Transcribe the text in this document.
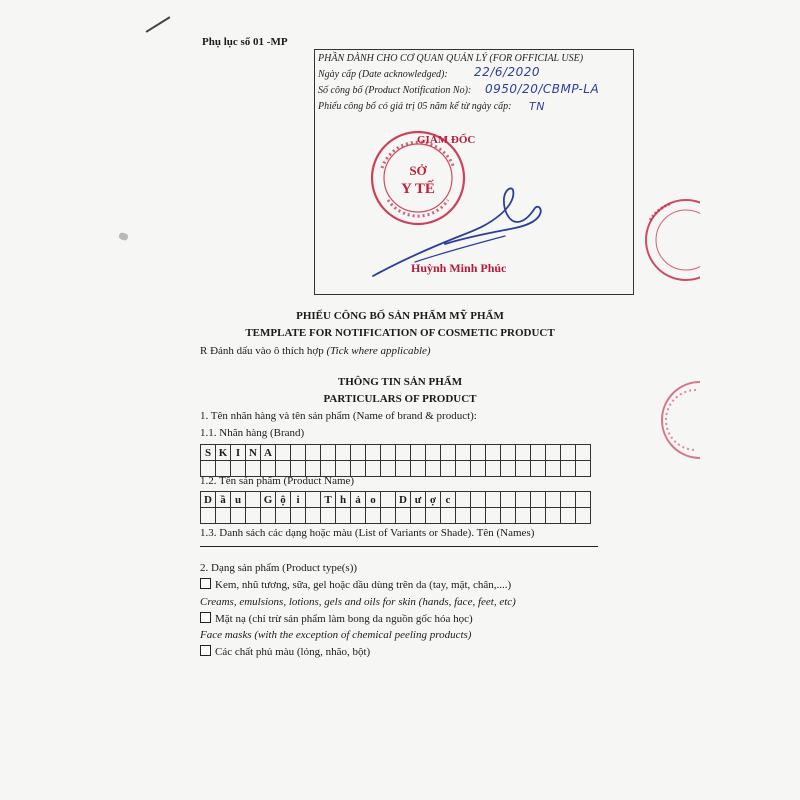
Phụ lục số 01 -MP
PHẦN DÀNH CHO CƠ QUAN QUẢN LÝ (FOR OFFICIAL USE)
Ngày cấp (Date acknowledged): 22/6/2020
Số công bố (Product Notification No): 0950/20/CBMP-LA
Phiếu công bố có giá trị 05 năm kể từ ngày cấp: TN
GIÁM ĐỐC
SỞ
Y TẾ
Huỳnh Minh Phúc
PHIẾU CÔNG BỐ SẢN PHẨM MỸ PHẨM
TEMPLATE FOR NOTIFICATION OF COSMETIC PRODUCT
R Đánh dấu vào ô thích hợp (Tick where applicable)
THÔNG TIN SẢN PHẨM
PARTICULARS OF PRODUCT
1. Tên nhãn hàng và tên sản phẩm (Name of brand & product):
1.1. Nhãn hàng (Brand)
S K I N A
1.2. Tên sản phẩm (Product Name)
D ầ u	G ộ i	T h ả o	D ư ợ c
1.3. Danh sách các dạng hoặc màu (List of Variants or Shade). Tên (Names)
2. Dạng sản phẩm (Product type(s))
Kem, nhũ tương, sữa, gel hoặc dầu dùng trên da (tay, mặt, chân,....)
Creams, emulsions, lotions, gels and oils for skin (hands, face, feet, etc)
Mặt nạ (chỉ trừ sản phẩm làm bong da nguồn gốc hóa học)
Face masks (with the exception of chemical peeling products)
Các chất phủ màu (lỏng, nhão, bột)
